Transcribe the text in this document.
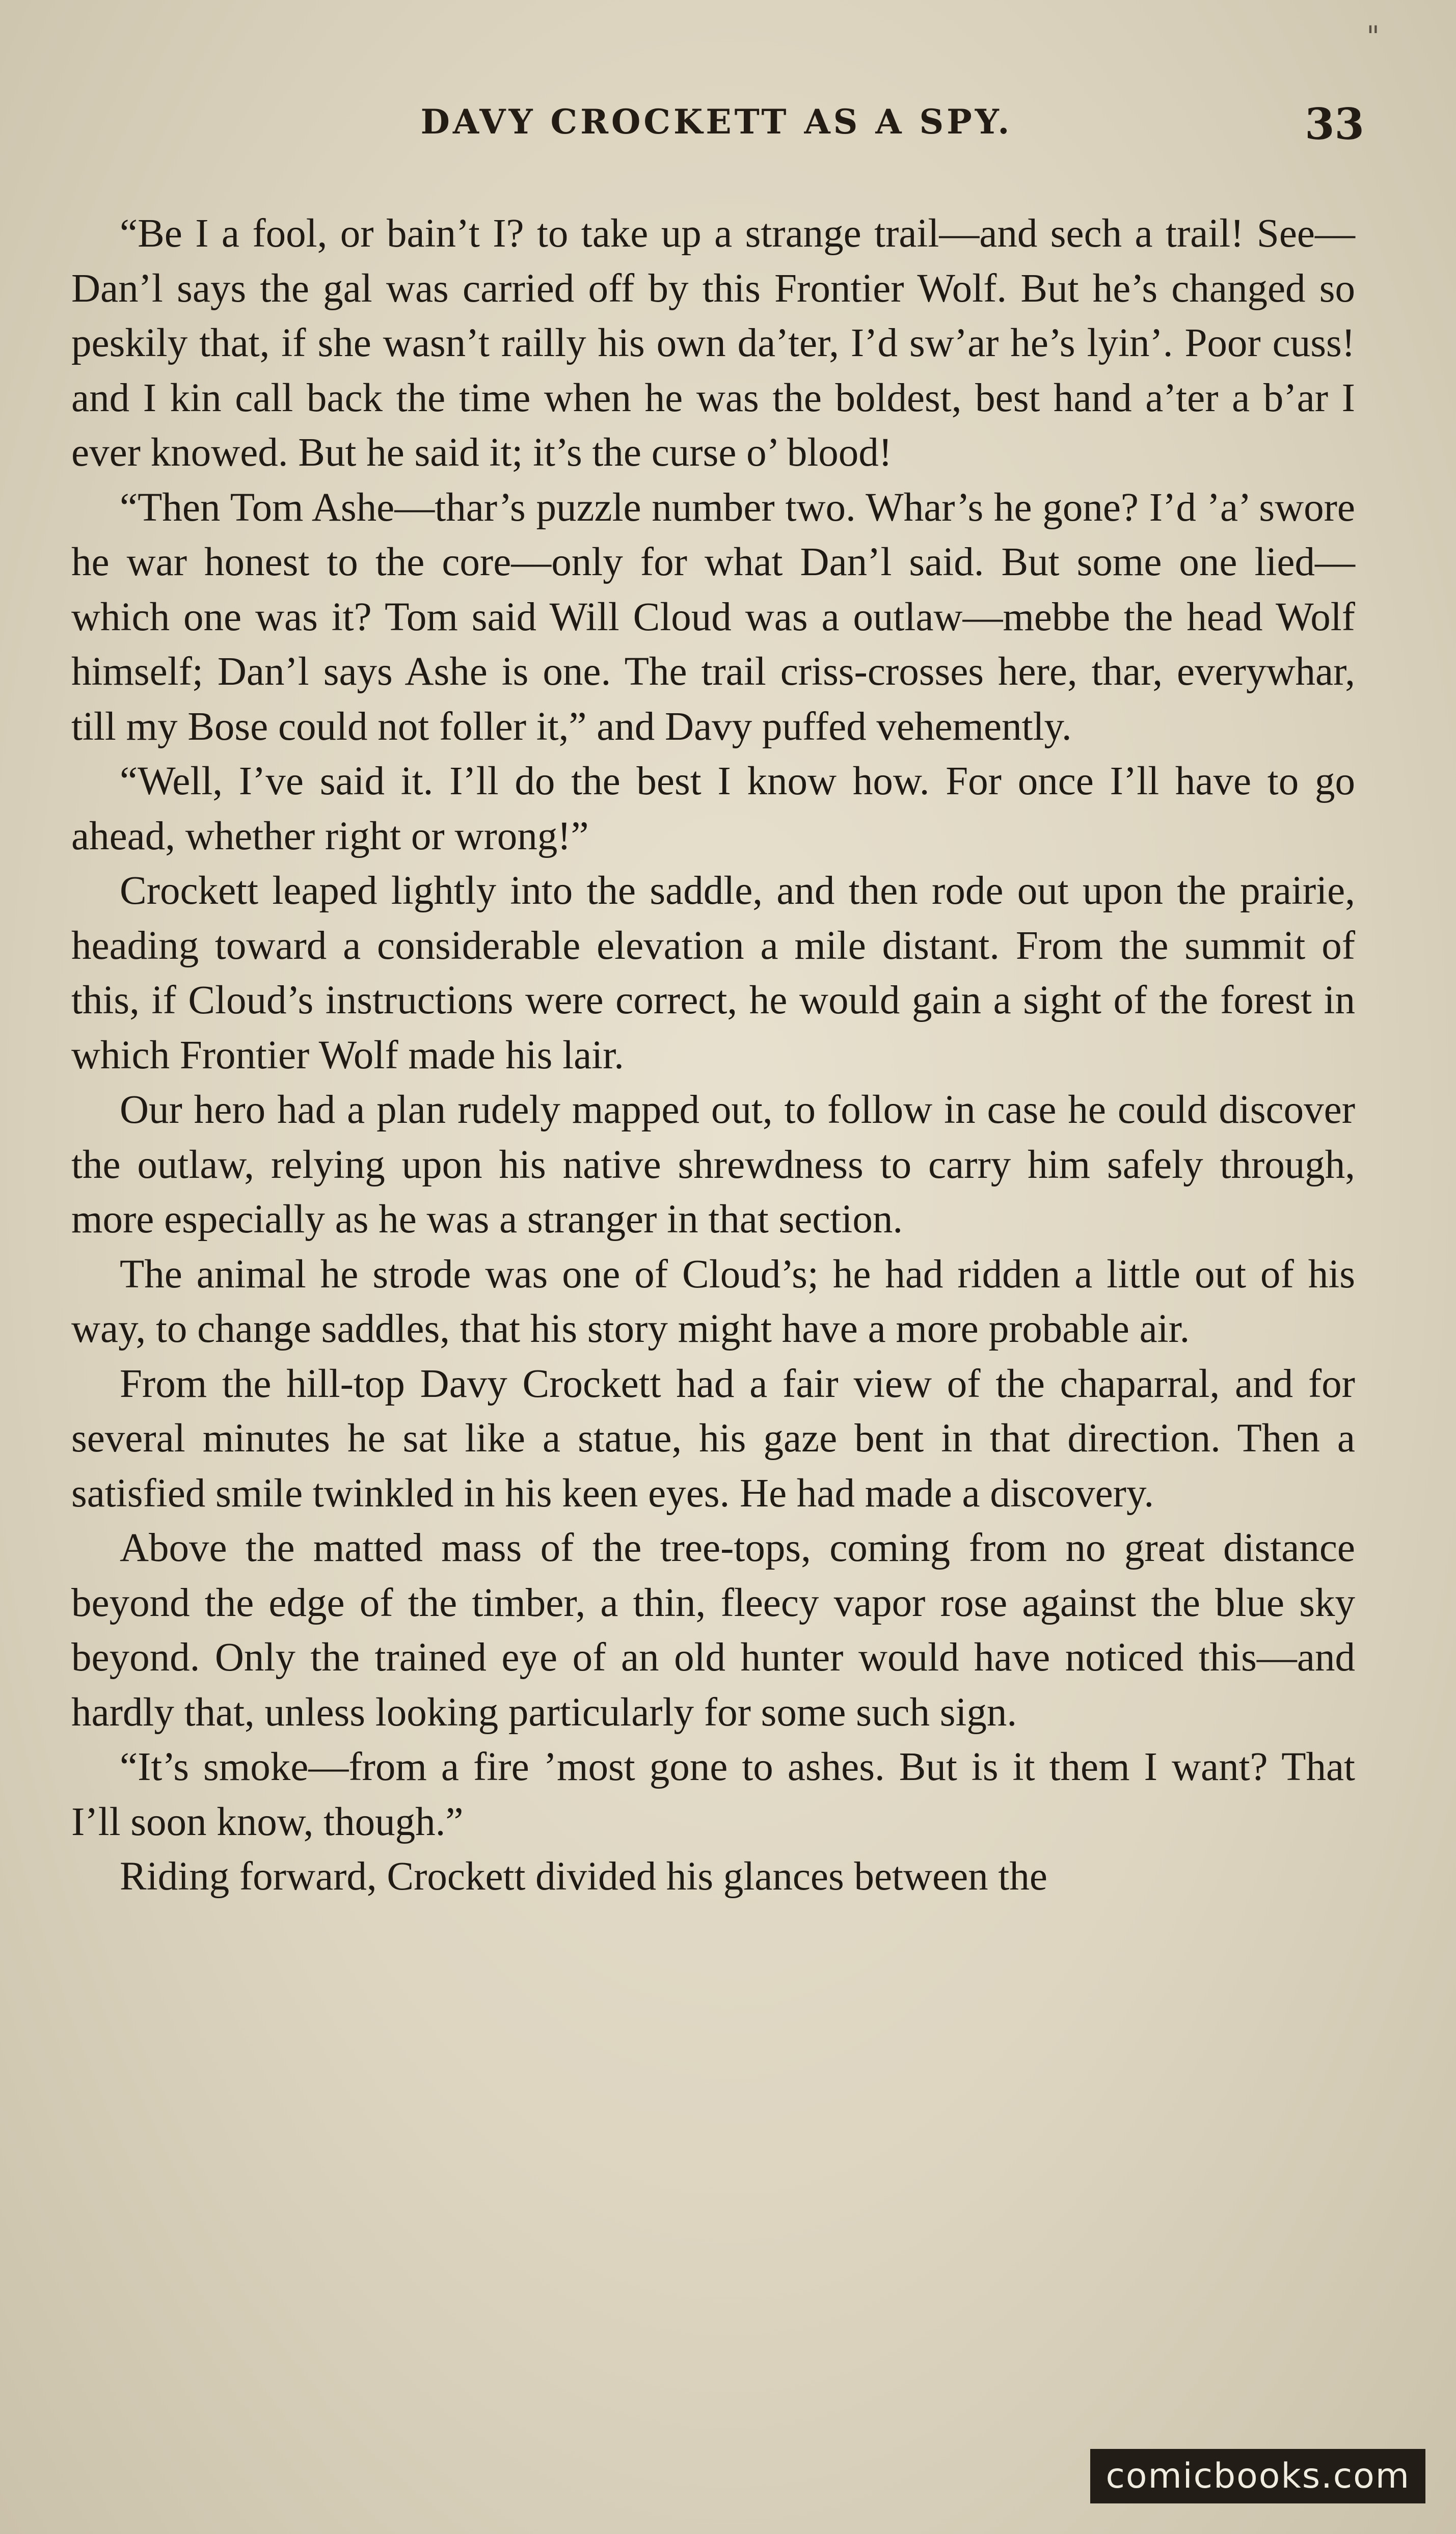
"
DAVY CROCKETT AS A SPY.	33

“Be I a fool, or bain’t I? to take up a strange trail—and sech a trail! See—Dan’l says the gal was carried off by this Frontier Wolf. But he’s changed so peskily that, if she wasn’t railly his own da’ter, I’d sw’ar he’s lyin’. Poor cuss! and I kin call back the time when he was the boldest, best hand a’ter a b’ar I ever knowed. But he said it; it’s the curse o’ blood!

“Then Tom Ashe—thar’s puzzle number two. Whar’s he gone? I’d ’a’ swore he war honest to the core—only for what Dan’l said. But some one lied—which one was it? Tom said Will Cloud was a outlaw—mebbe the head Wolf himself; Dan’l says Ashe is one. The trail criss-crosses here, thar, everywhar, till my Bose could not foller it,” and Davy puffed vehemently.

“Well, I’ve said it. I’ll do the best I know how. For once I’ll have to go ahead, whether right or wrong!”

Crockett leaped lightly into the saddle, and then rode out upon the prairie, heading toward a considerable elevation a mile distant. From the summit of this, if Cloud’s instructions were correct, he would gain a sight of the forest in which Frontier Wolf made his lair.

Our hero had a plan rudely mapped out, to follow in case he could discover the outlaw, relying upon his native shrewdness to carry him safely through, more especially as he was a stranger in that section.

The animal he strode was one of Cloud’s; he had ridden a little out of his way, to change saddles, that his story might have a more probable air.

From the hill-top Davy Crockett had a fair view of the chaparral, and for several minutes he sat like a statue, his gaze bent in that direction. Then a satisfied smile twinkled in his keen eyes. He had made a discovery.

Above the matted mass of the tree-tops, coming from no great distance beyond the edge of the timber, a thin, fleecy vapor rose against the blue sky beyond. Only the trained eye of an old hunter would have noticed this—and hardly that, unless looking particularly for some such sign.

“It’s smoke—from a fire ’most gone to ashes. But is it them I want? That I’ll soon know, though.”

Riding forward, Crockett divided his glances between the

comicbooks.com
